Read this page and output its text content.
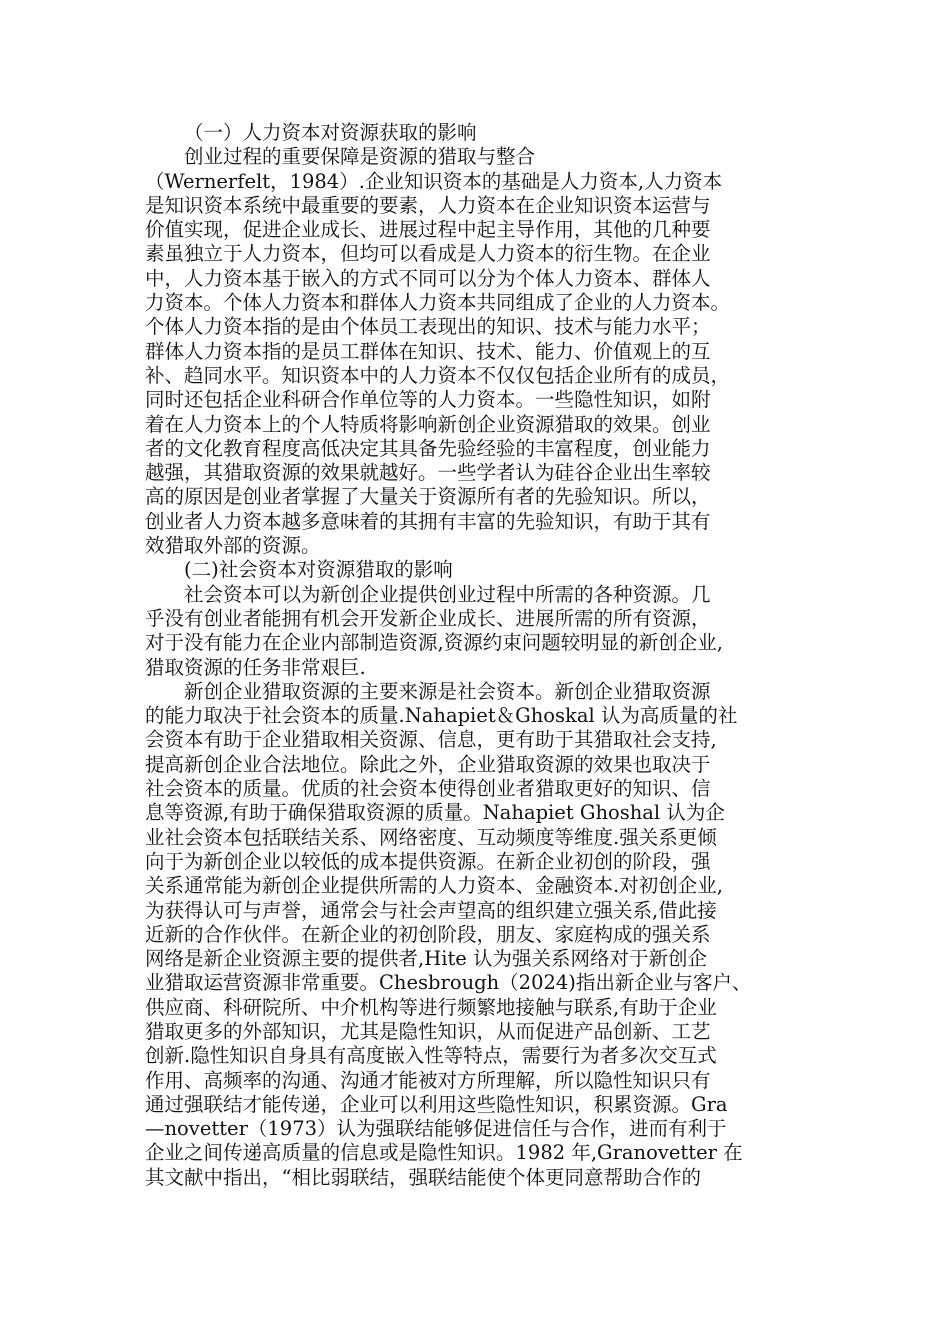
（一）人力资本对资源获取的影响
创业过程的重要保障是资源的猎取与整合
（Wernerfelt，1984）.企业知识资本的基础是人力资本,人力资本
是知识资本系统中最重要的要素，人力资本在企业知识资本运营与
价值实现，促进企业成长、进展过程中起主导作用，其他的几种要
素虽独立于人力资本，但均可以看成是人力资本的衍生物。在企业
中，人力资本基于嵌入的方式不同可以分为个体人力资本、群体人
力资本。个体人力资本和群体人力资本共同组成了企业的人力资本。
个体人力资本指的是由个体员工表现出的知识、技术与能力水平；
群体人力资本指的是员工群体在知识、技术、能力、价值观上的互
补、趋同水平。知识资本中的人力资本不仅仅包括企业所有的成员，
同时还包括企业科研合作单位等的人力资本。一些隐性知识，如附
着在人力资本上的个人特质将影响新创企业资源猎取的效果。创业
者的文化教育程度高低决定其具备先验经验的丰富程度，创业能力
越强，其猎取资源的效果就越好。一些学者认为硅谷企业出生率较
高的原因是创业者掌握了大量关于资源所有者的先验知识。所以，
创业者人力资本越多意味着的其拥有丰富的先验知识，有助于其有
效猎取外部的资源。
(二)社会资本对资源猎取的影响
社会资本可以为新创企业提供创业过程中所需的各种资源。几
乎没有创业者能拥有机会开发新企业成长、进展所需的所有资源，
对于没有能力在企业内部制造资源,资源约束问题较明显的新创企业,
猎取资源的任务非常艰巨.
新创企业猎取资源的主要来源是社会资本。新创企业猎取资源
的能力取决于社会资本的质量.Nahapiet＆Ghoskal 认为高质量的社
会资本有助于企业猎取相关资源、信息，更有助于其猎取社会支持,
提高新创企业合法地位。除此之外，企业猎取资源的效果也取决于
社会资本的质量。优质的社会资本使得创业者猎取更好的知识、信
息等资源,有助于确保猎取资源的质量。Nahapiet Ghoshal 认为企
业社会资本包括联结关系、网络密度、互动频度等维度.强关系更倾
向于为新创企业以较低的成本提供资源。在新企业初创的阶段，强
关系通常能为新创企业提供所需的人力资本、金融资本.对初创企业,
为获得认可与声誉，通常会与社会声望高的组织建立强关系,借此接
近新的合作伙伴。在新企业的初创阶段，朋友、家庭构成的强关系
网络是新企业资源主要的提供者,Hite 认为强关系网络对于新创企
业猎取运营资源非常重要。Chesbrough（2024)指出新企业与客户、
供应商、科研院所、中介机构等进行频繁地接触与联系,有助于企业
猎取更多的外部知识，尤其是隐性知识，从而促进产品创新、工艺
创新.隐性知识自身具有高度嵌入性等特点，需要行为者多次交互式
作用、高频率的沟通、沟通才能被对方所理解，所以隐性知识只有
通过强联结才能传递，企业可以利用这些隐性知识，积累资源。Gra
—novetter（1973）认为强联结能够促进信任与合作，进而有利于
企业之间传递高质量的信息或是隐性知识。1982 年,Granovetter 在
其文献中指出，“相比弱联结，强联结能使个体更同意帮助合作的
